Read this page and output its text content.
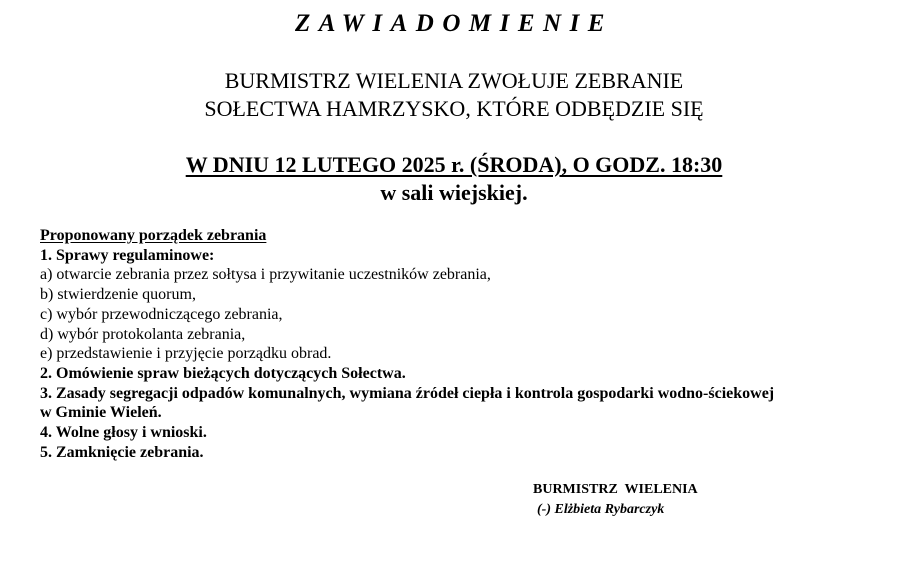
ZAWIADOMIENIE
BURMISTRZ WIELENIA ZWOŁUJE ZEBRANIE
SOŁECTWA HAMRZYSKO, KTÓRE ODBĘDZIE SIĘ
W DNIU 12 LUTEGO 2025 r. (ŚRODA), O GODZ. 18:30
w sali wiejskiej.
Proponowany porządek zebrania
1. Sprawy regulaminowe:
a) otwarcie zebrania przez sołtysa i przywitanie uczestników zebrania,
b) stwierdzenie quorum,
c) wybór przewodniczącego zebrania,
d) wybór protokolanta zebrania,
e) przedstawienie i przyjęcie porządku obrad.
2. Omówienie spraw bieżących dotyczących Sołectwa.
3. Zasady segregacji odpadów komunalnych, wymiana źródeł ciepła i kontrola gospodarki wodno-ściekowej
w Gminie Wieleń.
4. Wolne głosy i wnioski.
5. Zamknięcie zebrania.
BURMISTRZ  WIELENIA
(-) Elżbieta Rybarczyk
